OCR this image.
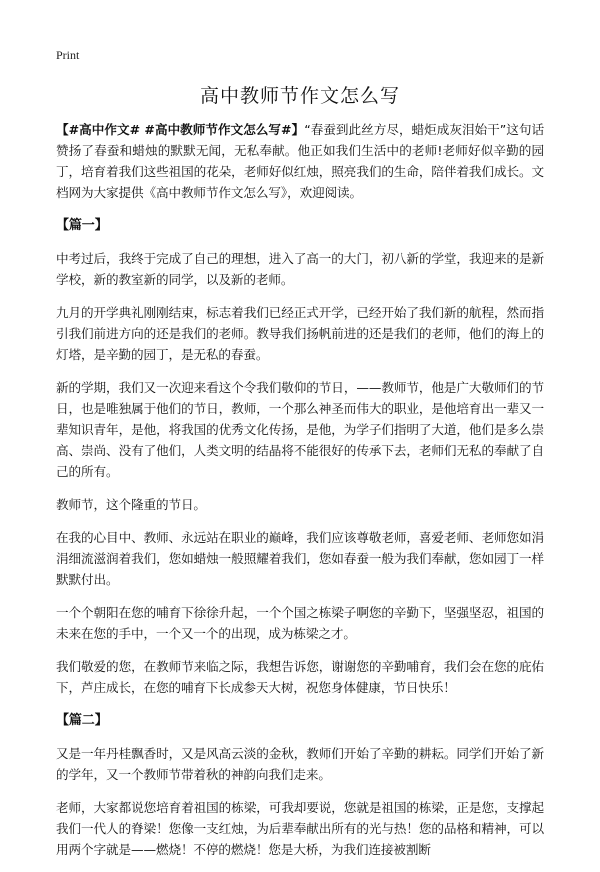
Print
高中教师节作文怎么写

【#高中作文# #高中教师节作文怎么写#】“春蚕到此丝方尽，蜡炬成灰泪始干”这句话赞扬了春蚕和蜡烛的默默无闻，无私奉献。他正如我们生活中的老师!老师好似辛勤的园丁，培育着我们这些祖国的花朵，老师好似红烛，照亮我们的生命，陪伴着我们成长。文档网为大家提供《高中教师节作文怎么写》，欢迎阅读。

【篇一】

中考过后，我终于完成了自己的理想，进入了高一的大门，初八新的学堂，我迎来的是新学校，新的教室新的同学，以及新的老师。

九月的开学典礼刚刚结束，标志着我们已经正式开学，已经开始了我们新的航程，然而指引我们前进方向的还是我们的老师。教导我们扬帆前进的还是我们的老师，他们的海上的灯塔，是辛勤的园丁，是无私的春蚕。

新的学期，我们又一次迎来看这个令我们敬仰的节日，——教师节，他是广大敬师们的节日，也是唯独属于他们的节日，教师，一个那么神圣而伟大的职业，是他培育出一辈又一辈知识青年，是他，将我国的优秀文化传扬，是他，为学子们指明了大道，他们是多么崇高、崇尚、没有了他们，人类文明的结晶将不能很好的传承下去，老师们无私的奉献了自己的所有。

教师节，这个隆重的节日。

在我的心目中、教师、永远站在职业的巅峰，我们应该尊敬老师，喜爱老师、老师您如涓涓细流滋润着我们，您如蜡烛一般照耀着我们，您如春蚕一般为我们奉献，您如园丁一样默默付出。

一个个朝阳在您的哺育下徐徐升起，一个个国之栋梁子啊您的辛勤下，坚强坚忍，祖国的未来在您的手中，一个又一个的出现，成为栋梁之才。

我们敬爱的您，在教师节来临之际，我想告诉您，谢谢您的辛勤哺育，我们会在您的庇佑下，芦庄成长，在您的哺育下长成参天大树，祝您身体健康，节日快乐！

【篇二】

又是一年丹桂飘香时，又是风高云淡的金秋，教师们开始了辛勤的耕耘。同学们开始了新的学年，又一个教师节带着秋的神韵向我们走来。

老师，大家都说您培育着祖国的栋梁，可我却要说，您就是祖国的栋梁，正是您，支撑起我们一代人的脊梁！您像一支红烛，为后辈奉献出所有的光与热！您的品格和精神，可以用两个字就是——燃烧！不停的燃烧！您是大桥，为我们连接被割断
